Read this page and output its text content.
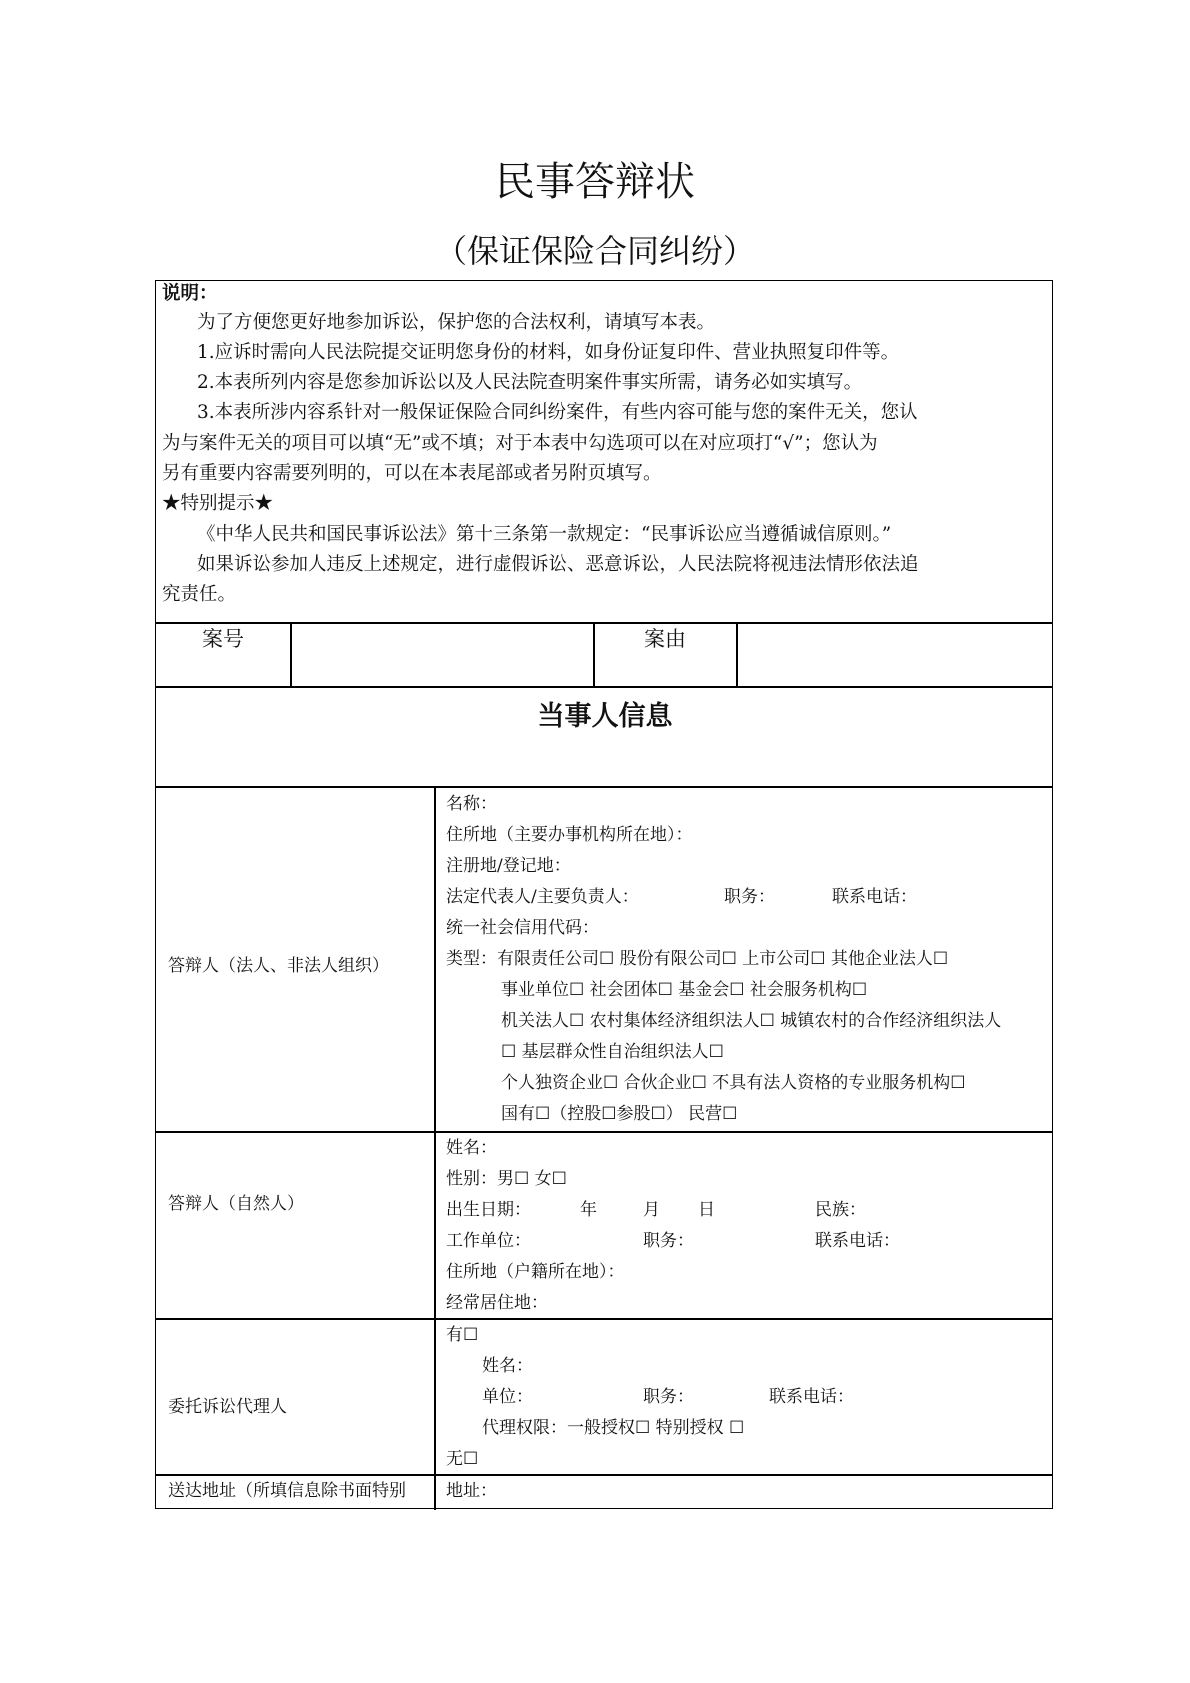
民事答辩状
（保证保险合同纠纷）
说明：
为了方便您更好地参加诉讼，保护您的合法权利，请填写本表。
1.应诉时需向人民法院提交证明您身份的材料，如身份证复印件、营业执照复印件等。
2.本表所列内容是您参加诉讼以及人民法院查明案件事实所需，请务必如实填写。
3.本表所涉内容系针对一般保证保险合同纠纷案件，有些内容可能与您的案件无关，您认
为与案件无关的项目可以填“无”或不填；对于本表中勾选项可以在对应项打“√”；您认为
另有重要内容需要列明的，可以在本表尾部或者另附页填写。
★特别提示★
《中华人民共和国民事诉讼法》第十三条第一款规定：“民事诉讼应当遵循诚信原则。”
如果诉讼参加人违反上述规定，进行虚假诉讼、恶意诉讼，人民法院将视违法情形依法追
究责任。
案号	案由
当事人信息
答辩人（法人、非法人组织）
名称：
住所地（主要办事机构所在地）：
注册地/登记地：
法定代表人/主要负责人：	职务：	联系电话：
统一社会信用代码：
类型：有限责任公司☐ 股份有限公司☐ 上市公司☐ 其他企业法人☐
事业单位☐ 社会团体☐ 基金会☐ 社会服务机构☐
机关法人☐ 农村集体经济组织法人☐ 城镇农村的合作经济组织法人
☐ 基层群众性自治组织法人☐
个人独资企业☐ 合伙企业☐ 不具有法人资格的专业服务机构☐
国有☐（控股☐参股☐） 民营☐
答辩人（自然人）
姓名：
性别：男☐ 女☐
出生日期：	年	月 日	民族：
工作单位：	职务：	联系电话：
住所地（户籍所在地）：
经常居住地：
委托诉讼代理人
有☐
姓名：
单位：	职务：	联系电话：
代理权限：一般授权☐ 特别授权 ☐
无☐
送达地址（所填信息除书面特别 地址：
